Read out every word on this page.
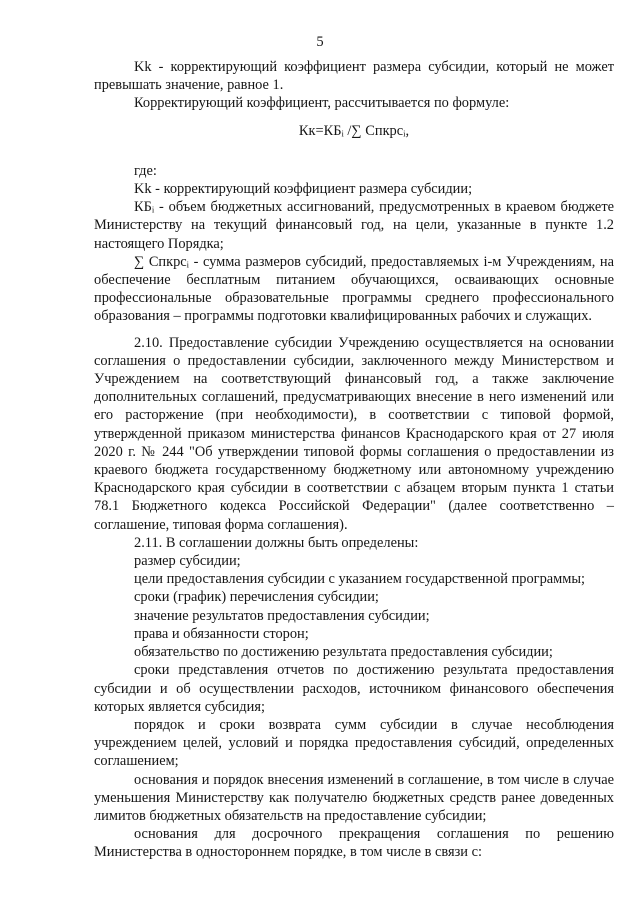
5

Kk - корректирующий коэффициент размера субсидии, который не может превышать значение, равное 1.

Корректирующий коэффициент, рассчитывается по формуле:

Кк=КБᵢ /∑ Спкрсᵢ,

где:

Kk - корректирующий коэффициент размера субсидии;

КБᵢ - объем бюджетных ассигнований, предусмотренных в краевом бюджете Министерству на текущий финансовый год, на цели, указанные в пункте 1.2 настоящего Порядка;

∑ Спкрсᵢ - сумма размеров субсидий, предоставляемых i-м Учреждениям, на обеспечение бесплатным питанием обучающихся, осваивающих основные профессиональные образовательные программы среднего профессионального образования – программы подготовки квалифицированных рабочих и служащих.

2.10. Предоставление субсидии Учреждению осуществляется на основании соглашения о предоставлении субсидии, заключенного между Министерством и Учреждением на соответствующий финансовый год, а также заключение дополнительных соглашений, предусматривающих внесение в него изменений или его расторжение (при необходимости), в соответствии с типовой формой, утвержденной приказом министерства финансов Краснодарского края от 27 июля 2020 г. № 244 "Об утверждении типовой формы соглашения о предоставлении из краевого бюджета государственному бюджетному или автономному учреждению Краснодарского края субсидии в соответствии с абзацем вторым пункта 1 статьи 78.1 Бюджетного кодекса Российской Федерации" (далее соответственно – соглашение, типовая форма соглашения).

2.11. В соглашении должны быть определены:

размер субсидии;

цели предоставления субсидии с указанием государственной программы;

сроки (график) перечисления субсидии;

значение результатов предоставления субсидии;

права и обязанности сторон;

обязательство по достижению результата предоставления субсидии;

сроки представления отчетов по достижению результата предоставления субсидии и об осуществлении расходов, источником финансового обеспечения которых является субсидия;

порядок и сроки возврата сумм субсидии в случае несоблюдения учреждением целей, условий и порядка предоставления субсидий, определенных соглашением;

основания и порядок внесения изменений в соглашение, в том числе в случае уменьшения Министерству как получателю бюджетных средств ранее доведенных лимитов бюджетных обязательств на предоставление субсидии;

основания для досрочного прекращения соглашения по решению Министерства в одностороннем порядке, в том числе в связи с:
